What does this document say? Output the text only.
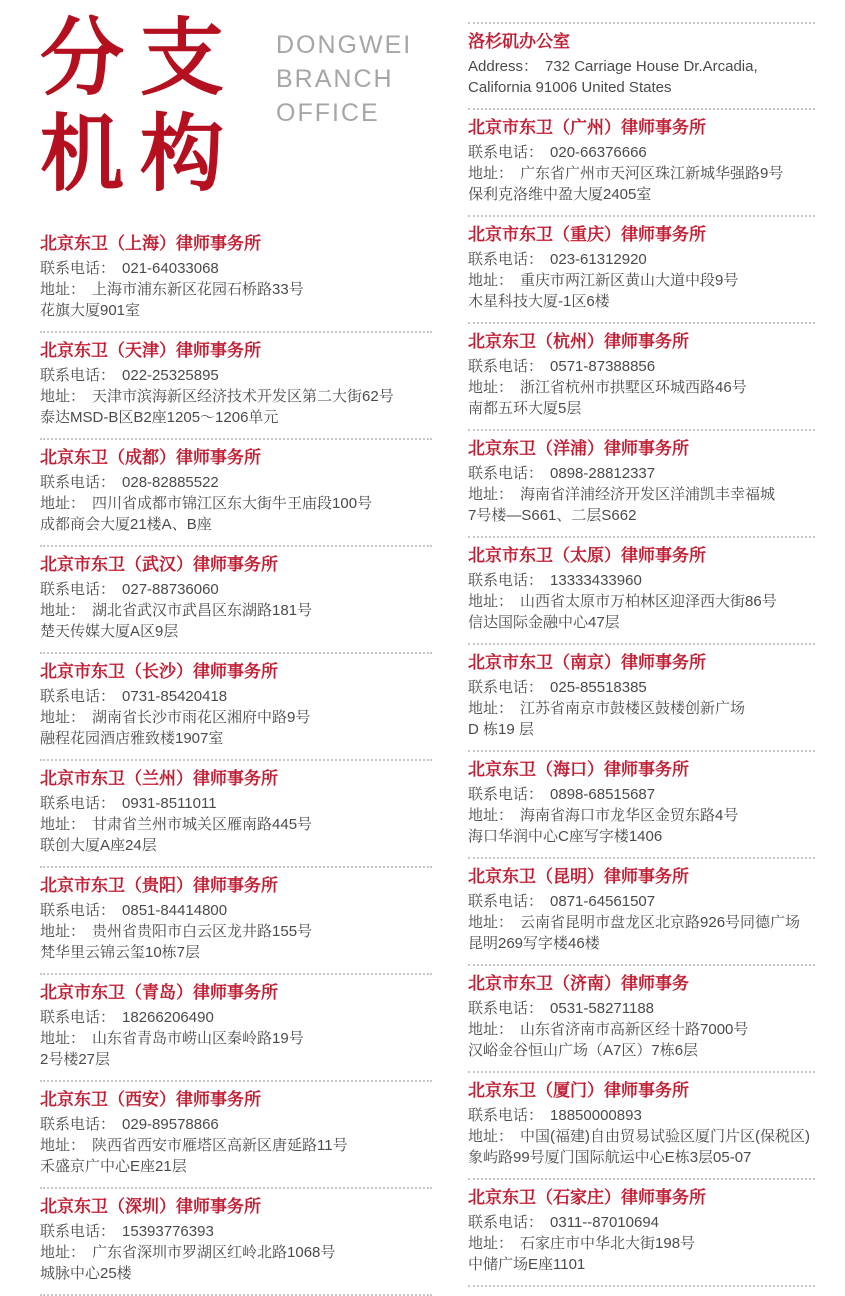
分支
机构
DONGWEI
BRANCH
OFFICE
北京东卫（上海）律师事务所

联系电话： 021-64033068

地址： 上海市浦东新区花园石桥路33号

花旗大厦901室

北京东卫（天津）律师事务所

联系电话： 022-25325895

地址： 天津市滨海新区经济技术开发区第二大街62号

泰达MSD-B区B2座1205～1206单元

北京东卫（成都）律师事务所

联系电话： 028-82885522

地址： 四川省成都市锦江区东大街牛王庙段100号

成都商会大厦21楼A、B座

北京市东卫（武汉）律师事务所

联系电话： 027-88736060

地址： 湖北省武汉市武昌区东湖路181号

楚天传媒大厦A区9层

北京市东卫（长沙）律师事务所

联系电话： 0731-85420418

地址： 湖南省长沙市雨花区湘府中路9号

融程花园酒店雅致楼1907室

北京市东卫（兰州）律师事务所

联系电话： 0931-8511011

地址： 甘肃省兰州市城关区雁南路445号

联创大厦A座24层

北京市东卫（贵阳）律师事务所

联系电话： 0851-84414800

地址： 贵州省贵阳市白云区龙井路155号

梵华里云锦云玺10栋7层

北京市东卫（青岛）律师事务所

联系电话： 18266206490

地址： 山东省青岛市崂山区秦岭路19号

2号楼27层

北京东卫（西安）律师事务所

联系电话： 029-89578866

地址： 陕西省西安市雁塔区高新区唐延路11号

禾盛京广中心E座21层

北京东卫（深圳）律师事务所

联系电话： 15393776393

地址： 广东省深圳市罗湖区红岭北路1068号

城脉中心25楼

洛杉矶办公室

Address： 732 Carriage House Dr.Arcadia,

California 91006 United States

北京市东卫（广州）律师事务所

联系电话： 020-66376666

地址： 广东省广州市天河区珠江新城华强路9号

保利克洛维中盈大厦2405室

北京市东卫（重庆）律师事务所

联系电话： 023-61312920

地址： 重庆市两江新区黄山大道中段9号

木星科技大厦-1区6楼

北京东卫（杭州）律师事务所

联系电话： 0571-87388856

地址： 浙江省杭州市拱墅区环城西路46号

南都五环大厦5层

北京东卫（洋浦）律师事务所

联系电话： 0898-28812337

地址： 海南省洋浦经济开发区洋浦凯丰幸福城

7号楼—S661、二层S662

北京市东卫（太原）律师事务所

联系电话： 13333433960

地址： 山西省太原市万柏林区迎泽西大街86号

信达国际金融中心47层

北京市东卫（南京）律师事务所

联系电话： 025-85518385

地址： 江苏省南京市鼓楼区鼓楼创新广场

D 栋19 层

北京东卫（海口）律师事务所

联系电话： 0898-68515687

地址： 海南省海口市龙华区金贸东路4号

海口华润中心C座写字楼1406

北京东卫（昆明）律师事务所

联系电话： 0871-64561507

地址： 云南省昆明市盘龙区北京路926号同德广场

昆明269写字楼46楼

北京市东卫（济南）律师事务

联系电话： 0531-58271188

地址： 山东省济南市高新区经十路7000号

汉峪金谷恒山广场（A7区）7栋6层

北京东卫（厦门）律师事务所

联系电话： 18850000893

地址： 中国(福建)自由贸易试验区厦门片区(保税区)

象屿路99号厦门国际航运中心E栋3层05-07

北京东卫（石家庄）律师事务所

联系电话： 0311--87010694

地址： 石家庄市中华北大街198号

中储广场E座1101
